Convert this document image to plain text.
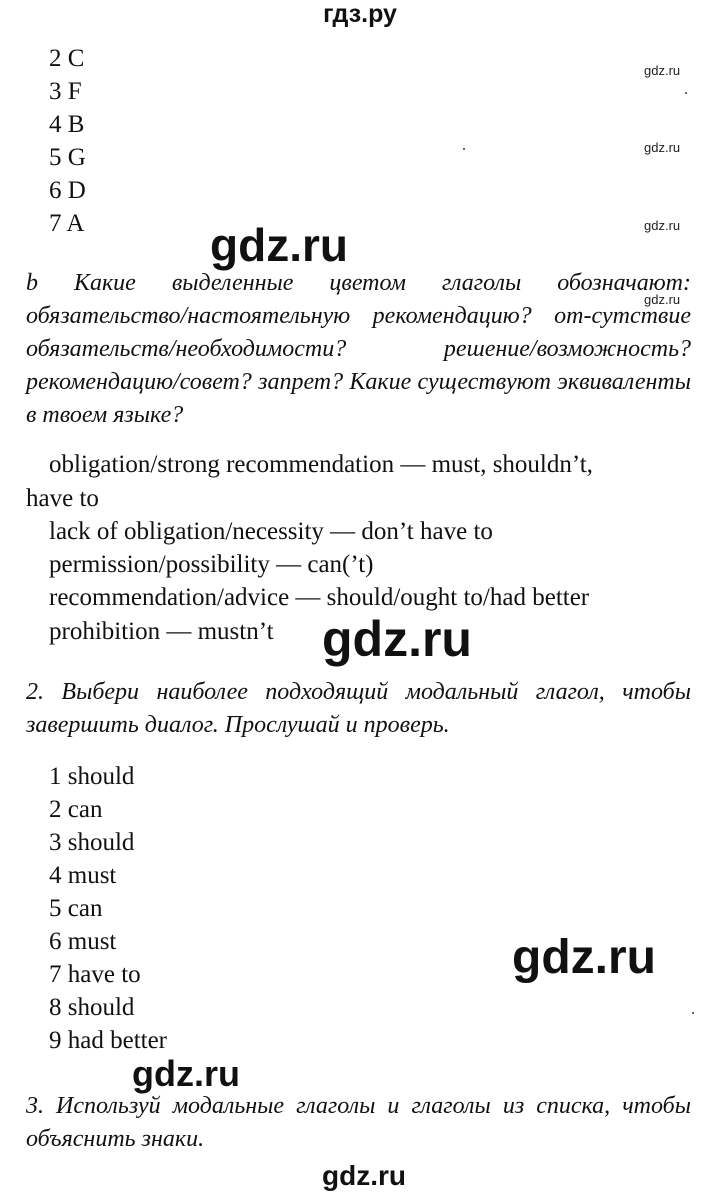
гдз.ру
2 C
3 F
4 B
5 G
6 D
7 A
gdz.ru
gdz.ru
gdz.ru
gdz.ru
gdz.ru
b Какие выделенные цветом глаголы обозначают: обязательство/настоятельную рекомендацию? от-сутствие обязательств/необходимости? решение/возможность? рекомендацию/совет? запрет? Какие существуют эквиваленты в твоем языке?
obligation/strong recommendation — must, shouldn’t,
have to
lack of obligation/necessity — don’t have to
permission/possibility — can(’t)
recommendation/advice — should/ought to/had better
prohibition — mustn’t gdz.ru
2. Выбери наиболее подходящий модальный глагол, чтобы завершить диалог. Прослушай и проверь.
1 should
2 can
3 should
4 must
5 can
6 must
7 have to
8 should
9 had better
gdz.ru
gdz.ru
3. Используй модальные глаголы и глаголы из списка, чтобы объяснить знаки.
gdz.ru
